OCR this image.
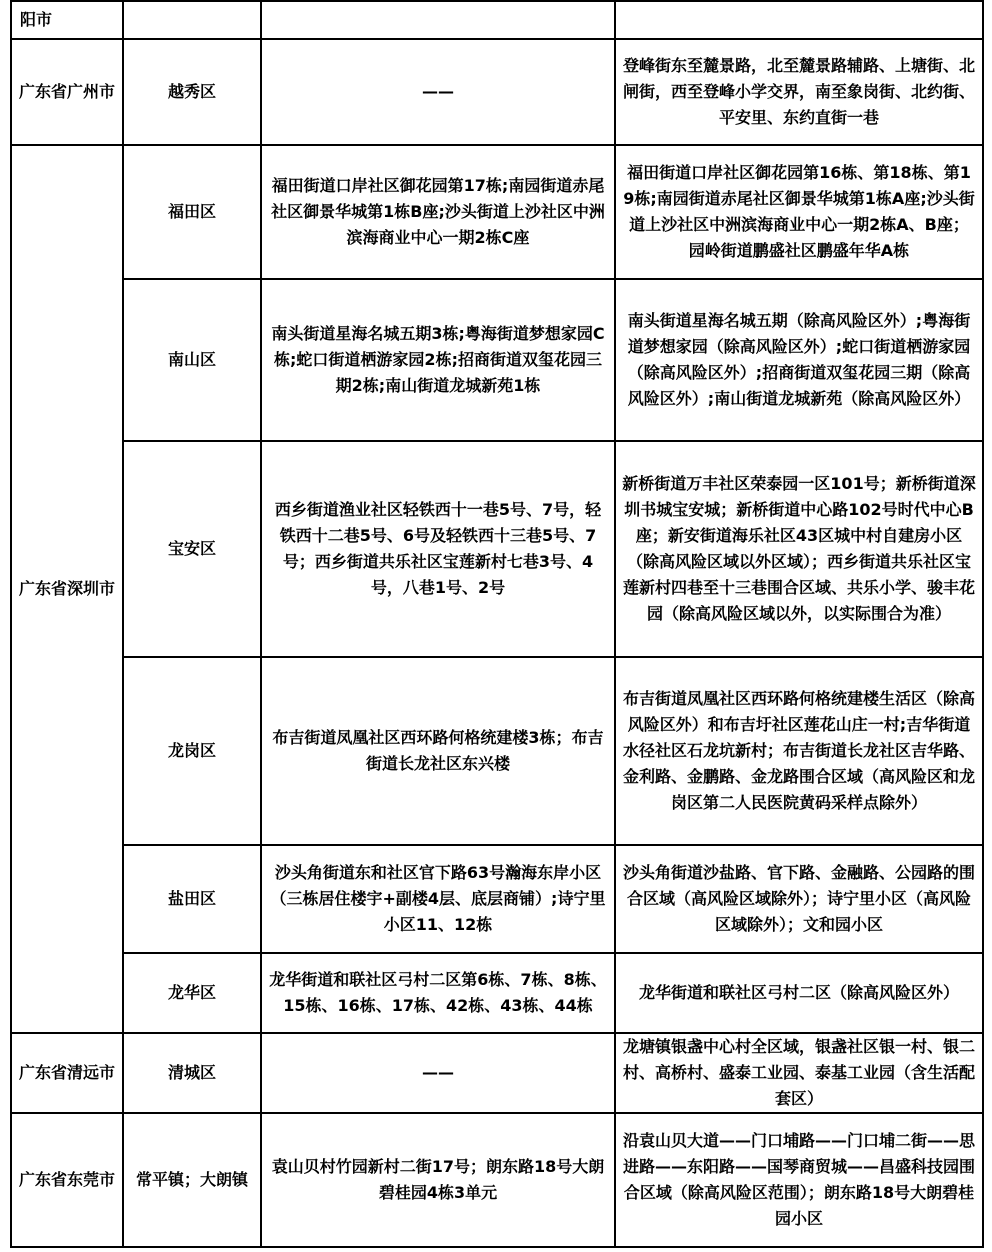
阳市			
广东省广州市	越秀区	——	登峰街东至麓景路，北至麓景路辅路、上塘街、北闸街，西至登峰小学交界，南至象岗街、北约街、平安里、东约直街一巷
广东省深圳市	福田区	福田街道口岸社区御花园第17栋;南园街道赤尾社区御景华城第1栋B座;沙头街道上沙社区中洲滨海商业中心一期2栋C座	福田街道口岸社区御花园第16栋、第18栋、第19栋;南园街道赤尾社区御景华城第1栋A座;沙头街道上沙社区中洲滨海商业中心一期2栋A、B座；园岭街道鹏盛社区鹏盛年华A栋
	南山区	南头街道星海名城五期3栋;粤海街道梦想家园C栋;蛇口街道栖游家园2栋;招商街道双玺花园三期2栋;南山街道龙城新苑1栋	南头街道星海名城五期（除高风险区外）;粤海街道梦想家园（除高风险区外）;蛇口街道栖游家园（除高风险区外）;招商街道双玺花园三期（除高风险区外）;南山街道龙城新苑（除高风险区外）
	宝安区	西乡街道渔业社区轻铁西十一巷5号、7号，轻铁西十二巷5号、6号及轻铁西十三巷5号、7号；西乡街道共乐社区宝莲新村七巷3号、4号，八巷1号、2号	新桥街道万丰社区荣泰园一区101号；新桥街道深圳书城宝安城；新桥街道中心路102号时代中心B座；新安街道海乐社区43区城中村自建房小区（除高风险区域以外区域）；西乡街道共乐社区宝莲新村四巷至十三巷围合区域、共乐小学、骏丰花园（除高风险区域以外，以实际围合为准）
	龙岗区	布吉街道凤凰社区西环路何格统建楼3栋；布吉街道长龙社区东兴楼	布吉街道凤凰社区西环路何格统建楼生活区（除高风险区外）和布吉圩社区莲花山庄一村;吉华街道水径社区石龙坑新村；布吉街道长龙社区吉华路、金利路、金鹏路、金龙路围合区域（高风险区和龙岗区第二人民医院黄码采样点除外）
	盐田区	沙头角街道东和社区官下路63号瀚海东岸小区（三栋居住楼宇+副楼4层、底层商铺）;诗宁里小区11、12栋	沙头角街道沙盐路、官下路、金融路、公园路的围合区域（高风险区域除外）；诗宁里小区（高风险区域除外）；文和园小区
	龙华区	龙华街道和联社区弓村二区第6栋、7栋、8栋、15栋、16栋、17栋、42栋、43栋、44栋	龙华街道和联社区弓村二区（除高风险区外）
广东省清远市	清城区	——	龙塘镇银盏中心村全区域，银盏社区银一村、银二村、高桥村、盛泰工业园、泰基工业园（含生活配套区）
广东省东莞市	常平镇；大朗镇	袁山贝村竹园新村二街17号；朗东路18号大朗碧桂园4栋3单元	沿袁山贝大道——门口埔路——门口埔二街——思进路——东阳路——国琴商贸城——昌盛科技园围合区域（除高风险区范围）；朗东路18号大朗碧桂园小区
